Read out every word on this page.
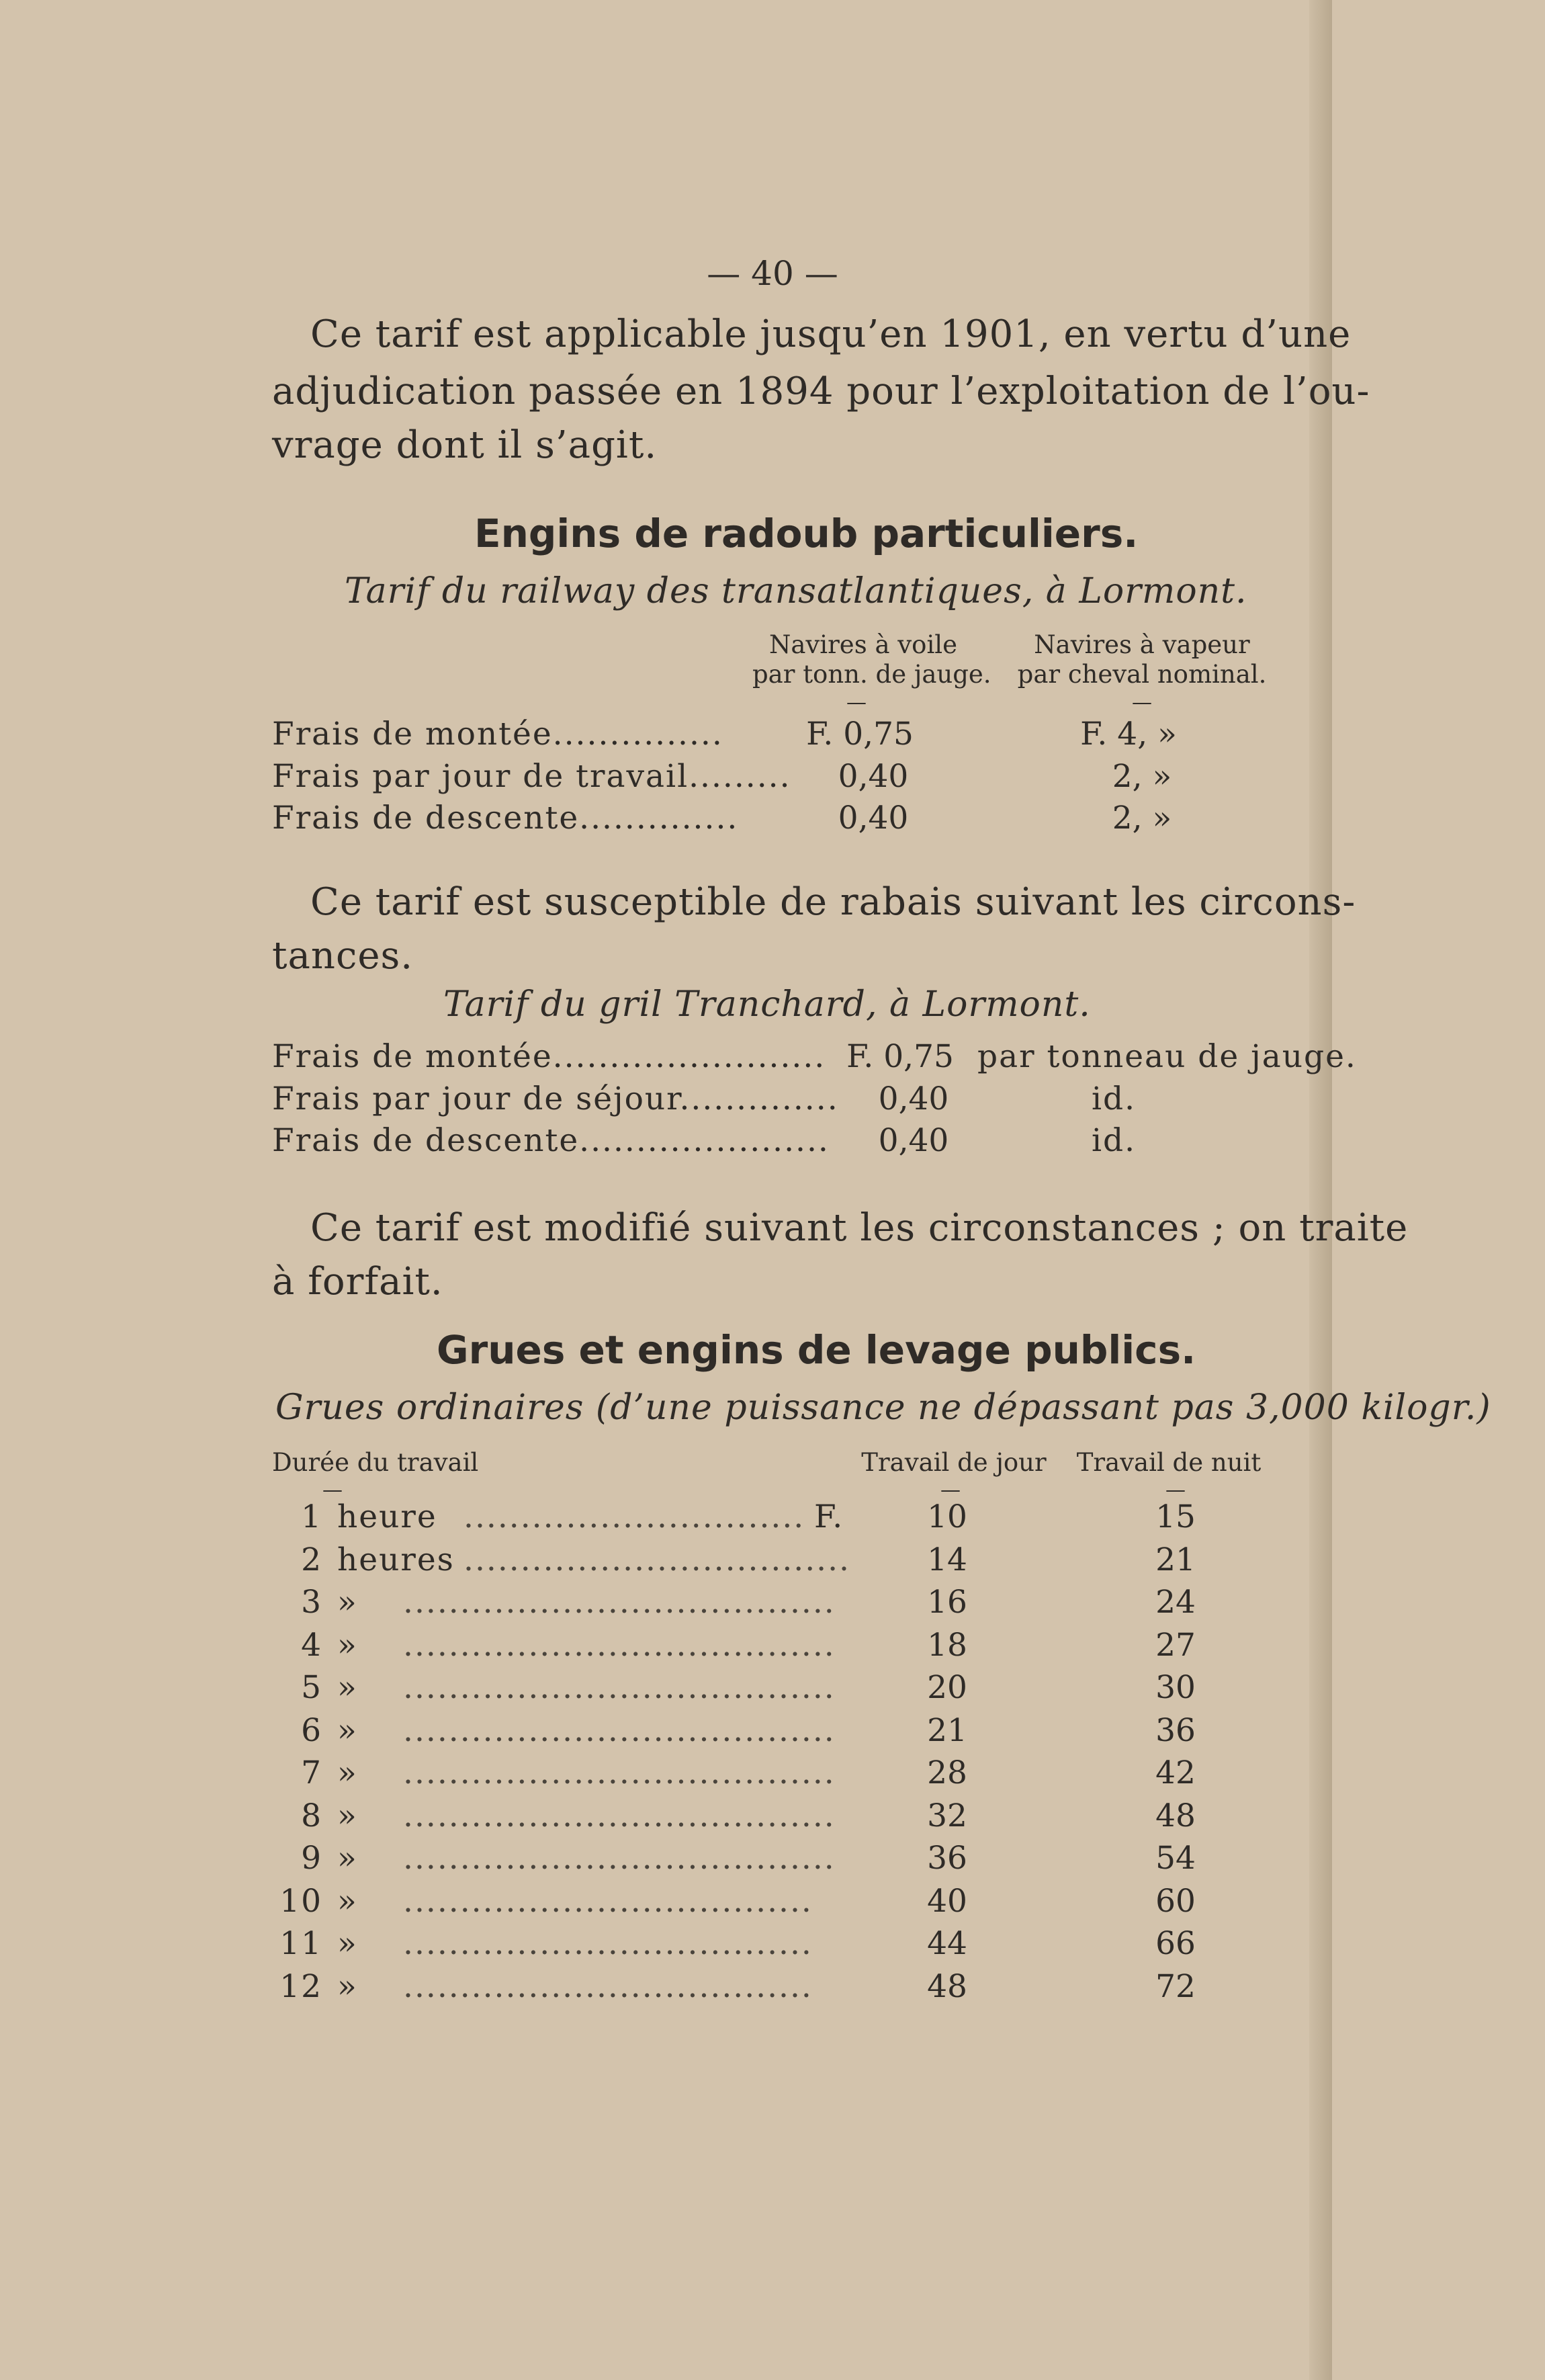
— 40 —
Ce tarif est applicable jusqu’en 1901, en vertu d’une
adjudication passée en 1894 pour l’exploitation de l’ou-
vrage dont il s’agit.
Engins de radoub particuliers.
Tarif du railway des transatlantiques, à Lormont.
Navires à voile
par tonn. de jauge.
Navires à vapeur
par cheval nominal.
—	—
Frais de montée...............	F. 0,75	F. 4, »
Frais par jour de travail.........	0,40	2, »
Frais de descente..............	0,40	2, »
Ce tarif est susceptible de rabais suivant les circons-
tances.
Tarif du gril Tranchard, à Lormont.
Frais de montée........................ F. 0,75 par tonneau de jauge.
Frais par jour de séjour..............	0,40	id.
Frais de descente......................	0,40	id.
Ce tarif est modifié suivant les circonstances ; on traite
à forfait.
Grues et engins de levage publics.
Grues ordinaires (d’une puissance ne dépassant pas 3,000 kilogr.)
Durée du travail	Travail de jour	Travail de nuit
—	—	—
1 heure .............................. F.	10	15
2 heures ..................................	14	21
3 » ......................................	16	24
4 » ......................................	18	27
5 » ......................................	20	30
6 » ......................................	21	36
7 » ......................................	28	42
8 » ......................................	32	48
9 » ......................................	36	54
10 » ....................................	40	60
11 » ....................................	44	66
12 » ....................................	48	72
